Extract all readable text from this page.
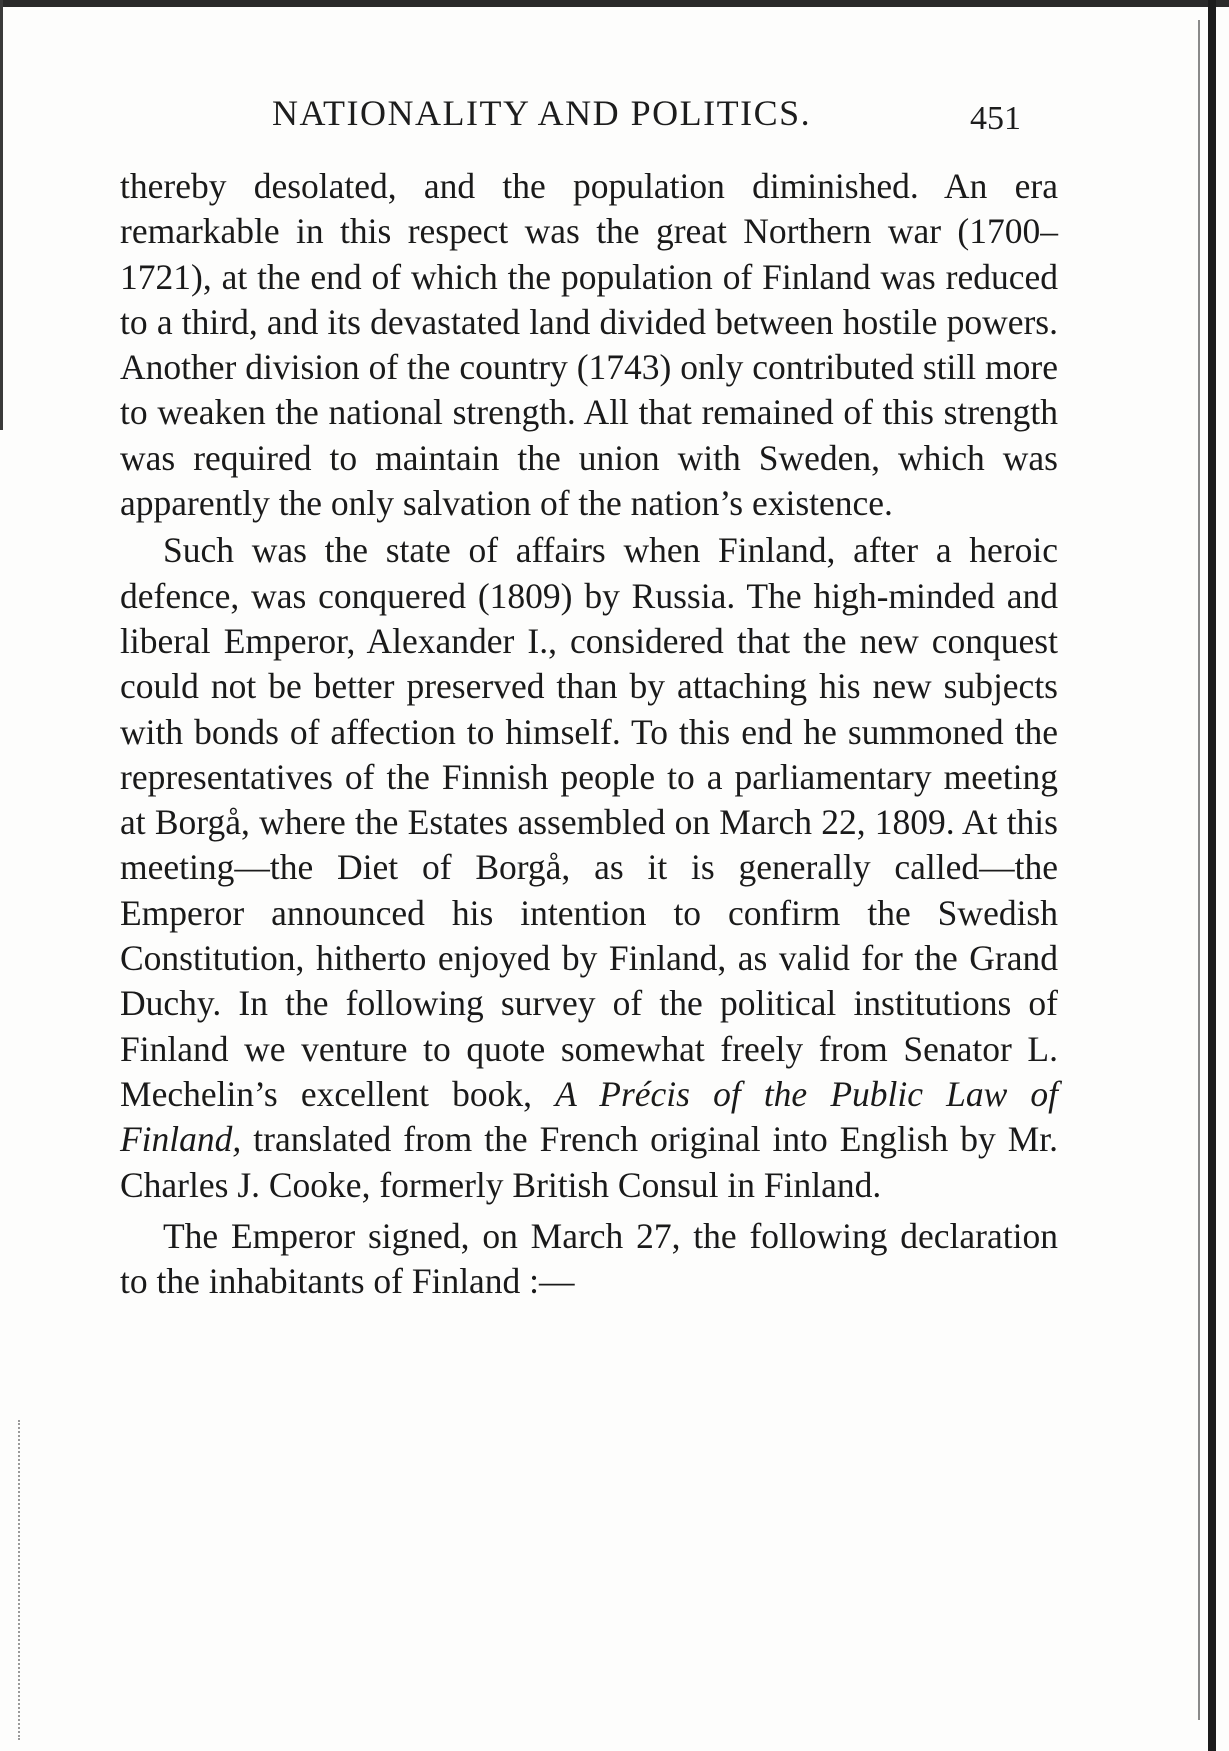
NATIONALITY AND POLITICS.	451

thereby desolated, and the population diminished. An era remarkable in this respect was the great Northern war (1700–1721), at the end of which the population of Finland was reduced to a third, and its devastated land divided between hostile powers. Another division of the country (1743) only contributed still more to weaken the national strength. All that remained of this strength was required to maintain the union with Sweden, which was apparently the only salvation of the nation’s existence.

Such was the state of affairs when Finland, after a heroic defence, was conquered (1809) by Russia. The high-minded and liberal Emperor, Alexander I., considered that the new conquest could not be better preserved than by attaching his new subjects with bonds of affection to himself. To this end he summoned the representatives of the Finnish people to a parliamentary meeting at Borgå, where the Estates assembled on March 22, 1809. At this meeting—the Diet of Borgå, as it is generally called—the Emperor announced his intention to confirm the Swedish Constitution, hitherto enjoyed by Finland, as valid for the Grand Duchy. In the following survey of the political institutions of Finland we venture to quote somewhat freely from Senator L. Mechelin’s excellent book, A Précis of the Public Law of Finland, translated from the French original into English by Mr. Charles J. Cooke, formerly British Consul in Finland.

The Emperor signed, on March 27, the following declaration to the inhabitants of Finland :—
